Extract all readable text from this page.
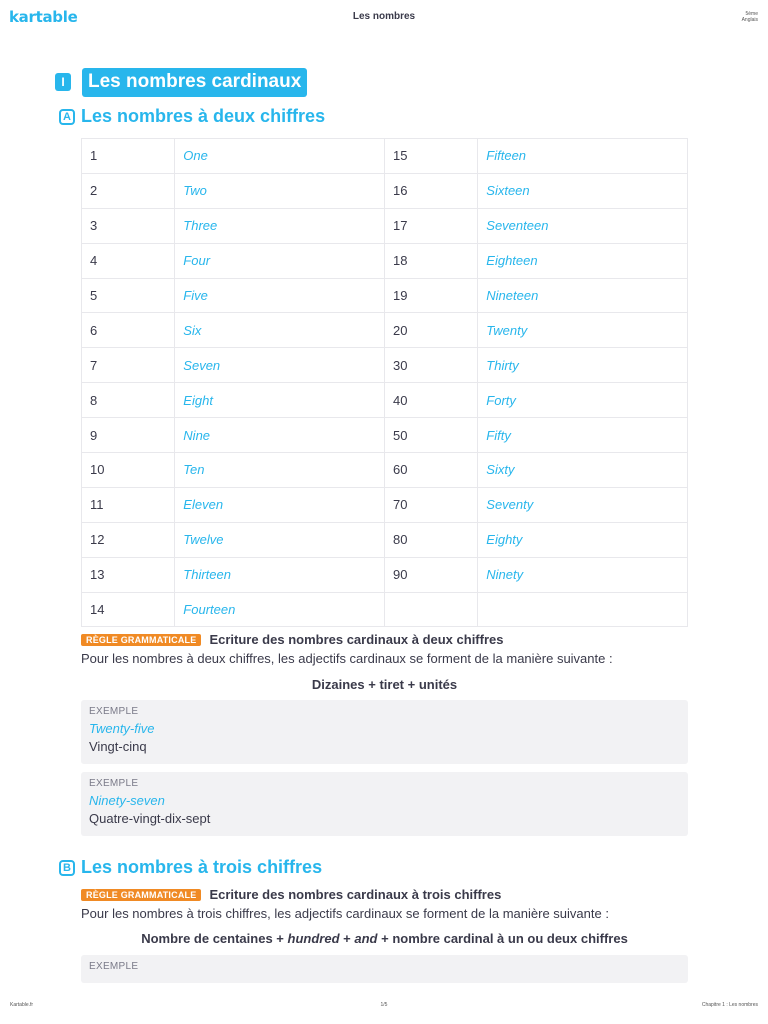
kartable	Les nombres	5ème
Anglais
I	Les nombres cardinaux
A Les nombres à deux chiffres
1	One	15	Fifteen
2	Two	16	Sixteen
3	Three	17	Seventeen
4	Four	18	Eighteen
5	Five	19	Nineteen
6	Six	20	Twenty
7	Seven	30	Thirty
8	Eight	40	Forty
9	Nine	50	Fifty
10	Ten	60	Sixty
11	Eleven	70	Seventy
12	Twelve	80	Eighty
13	Thirteen	90	Ninety
14	Fourteen		
RÈGLE GRAMMATICALE	Ecriture des nombres cardinaux à deux chiffres
Pour les nombres à deux chiffres, les adjectifs cardinaux se forment de la manière suivante :
Dizaines + tiret + unités
EXEMPLE
Twenty-five
Vingt-cinq
EXEMPLE
Ninety-seven
Quatre-vingt-dix-sept
B Les nombres à trois chiffres
RÈGLE GRAMMATICALE	Ecriture des nombres cardinaux à trois chiffres
Pour les nombres à trois chiffres, les adjectifs cardinaux se forment de la manière suivante :
Nombre de centaines + hundred + and + nombre cardinal à un ou deux chiffres
EXEMPLE
Kartable.fr	1/5	Chapitre 1 : Les nombres
